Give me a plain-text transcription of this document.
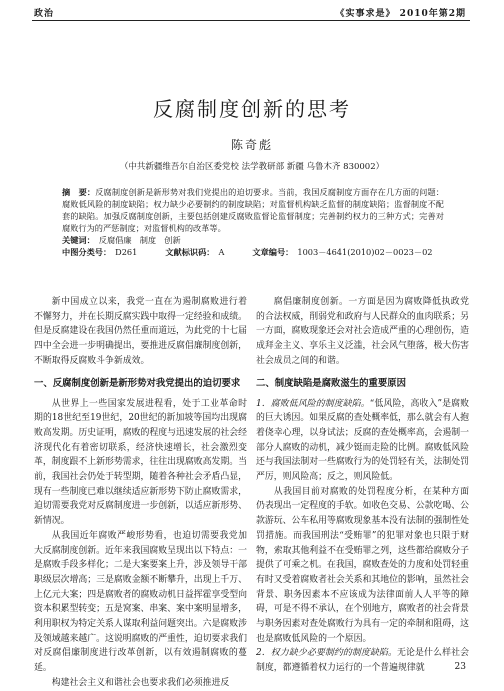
政治	《实事求是》 2010年第2期
反腐制度创新的思考
陈奇彪
（中共新疆维吾尔自治区委党校 法学教研部 新疆 乌鲁木齐 830002）
摘　要：反腐制度创新是新形势对我们党提出的迫切要求。当前，我国反腐制度方面存在几方面的问题：腐败低风险的制度缺陷；权力缺少必要制约的制度缺陷；对监督机构缺乏监督的制度缺陷；监督制度不配套的缺陷。加强反腐制度创新，主要包括创建反腐败监督论监督制度；完善制约权力的三种方式；完善对腐败行为的严惩制度；对监督机构的改革等。
关键词： 反腐倡廉　制度　创新
中图分类号： D261	文献标识码： A	文章编号： 1003－4641(2010)02－0023－02

新中国成立以来，我党一直在为遏制腐败进行着不懈努力，并在长期反腐实践中取得一定经验和成绩。但是反腐建设在我国仍然任重而道远，为此党的十七届四中全会进一步明确提出，要推进反腐倡廉制度创新，不断取得反腐败斗争新成效。

一、反腐制度创新是新形势对我党提出的迫切要求

从世界上一些国家发展进程看，处于工业革命时期的18世纪至19世纪，20世纪的新加坡等国均出现腐败高发期。历史证明，腐败的程度与迅速发展的社会经济现代化有着密切联系，经济快速增长，社会激烈变革，制度跟不上新形势需求，往往出现腐败高发期。当前，我国社会仍处于转型期，随着各种社会矛盾凸显，现有一些制度已难以继续适应新形势下防止腐败需求，迫切需要我党对反腐制度进一步创新，以适应新形势、新情况。

从我国近年腐败严峻形势看，也迫切需要我党加大反腐制度创新。近年来我国腐败呈现出以下特点：一是腐败手段多样化；二是大案要案上升，涉及领导干部职级层次增高；三是腐败金额不断攀升，出现上千万、上亿元大案；四是腐败者的腐败动机日益挥霍享受型向资本积累型转变；五是窝案、串案、案中案明显增多，利用职权为特定关系人谋取利益问题突出。六是腐败涉及领域越来越广。这说明腐败的严重性，迫切要求我们对反腐倡廉制度进行改革创新，以有效遏制腐败的蔓延。

构建社会主义和谐社会也要求我们必须推进反

腐倡廉制度创新。一方面是因为腐败降低执政党的合法权威，削弱党和政府与人民群众的血肉联系；另一方面，腐败现象还会对社会造成严重的心理创伤，造成拜金主义、享乐主义泛滥，社会风气堕落，极大伤害社会成员之间的和谐。

二、制度缺陷是腐败滋生的重要原因

1．腐败低风险的制度缺陷。“低风险，高收入”是腐败的巨大诱因。如果反腐的查处概率低，那么就会有人抱着侥幸心理，以身试法；反腐的查处概率高，会遏制一部分人腐败的动机，减少铤而走险的比例。腐败低风险还与我国法制对一些腐败行为的处罚轻有关，法制处罚严厉，则风险高；反之，则风险低。

从我国目前对腐败的处罚程度分析，在某种方面仍表现出一定程度的手软。如收色交易、公款吃喝、公款游玩、公车私用等腐败现象基本没有法制的强制性处罚措施。而我国刑法“受贿罪”的犯罪对象也只限于财物，索取其他利益不在受贿罪之列，这些都给腐败分子提供了可乘之机。在我国，腐败查处的力度和处罚轻重有时又受着腐败者社会关系和其地位的影响，虽然社会背景、职务因素本不应该成为法律面前人人平等的障碍，可是不得不承认，在个别地方，腐败者的社会背景与职务因素对查处腐败行为具有一定的牵制和阻碍，这也是腐败低风险的一个原因。

2．权力缺少必要制约的制度缺陷。无论是什么样社会制度，都遵循着权力运行的一个普遍规律就	23
